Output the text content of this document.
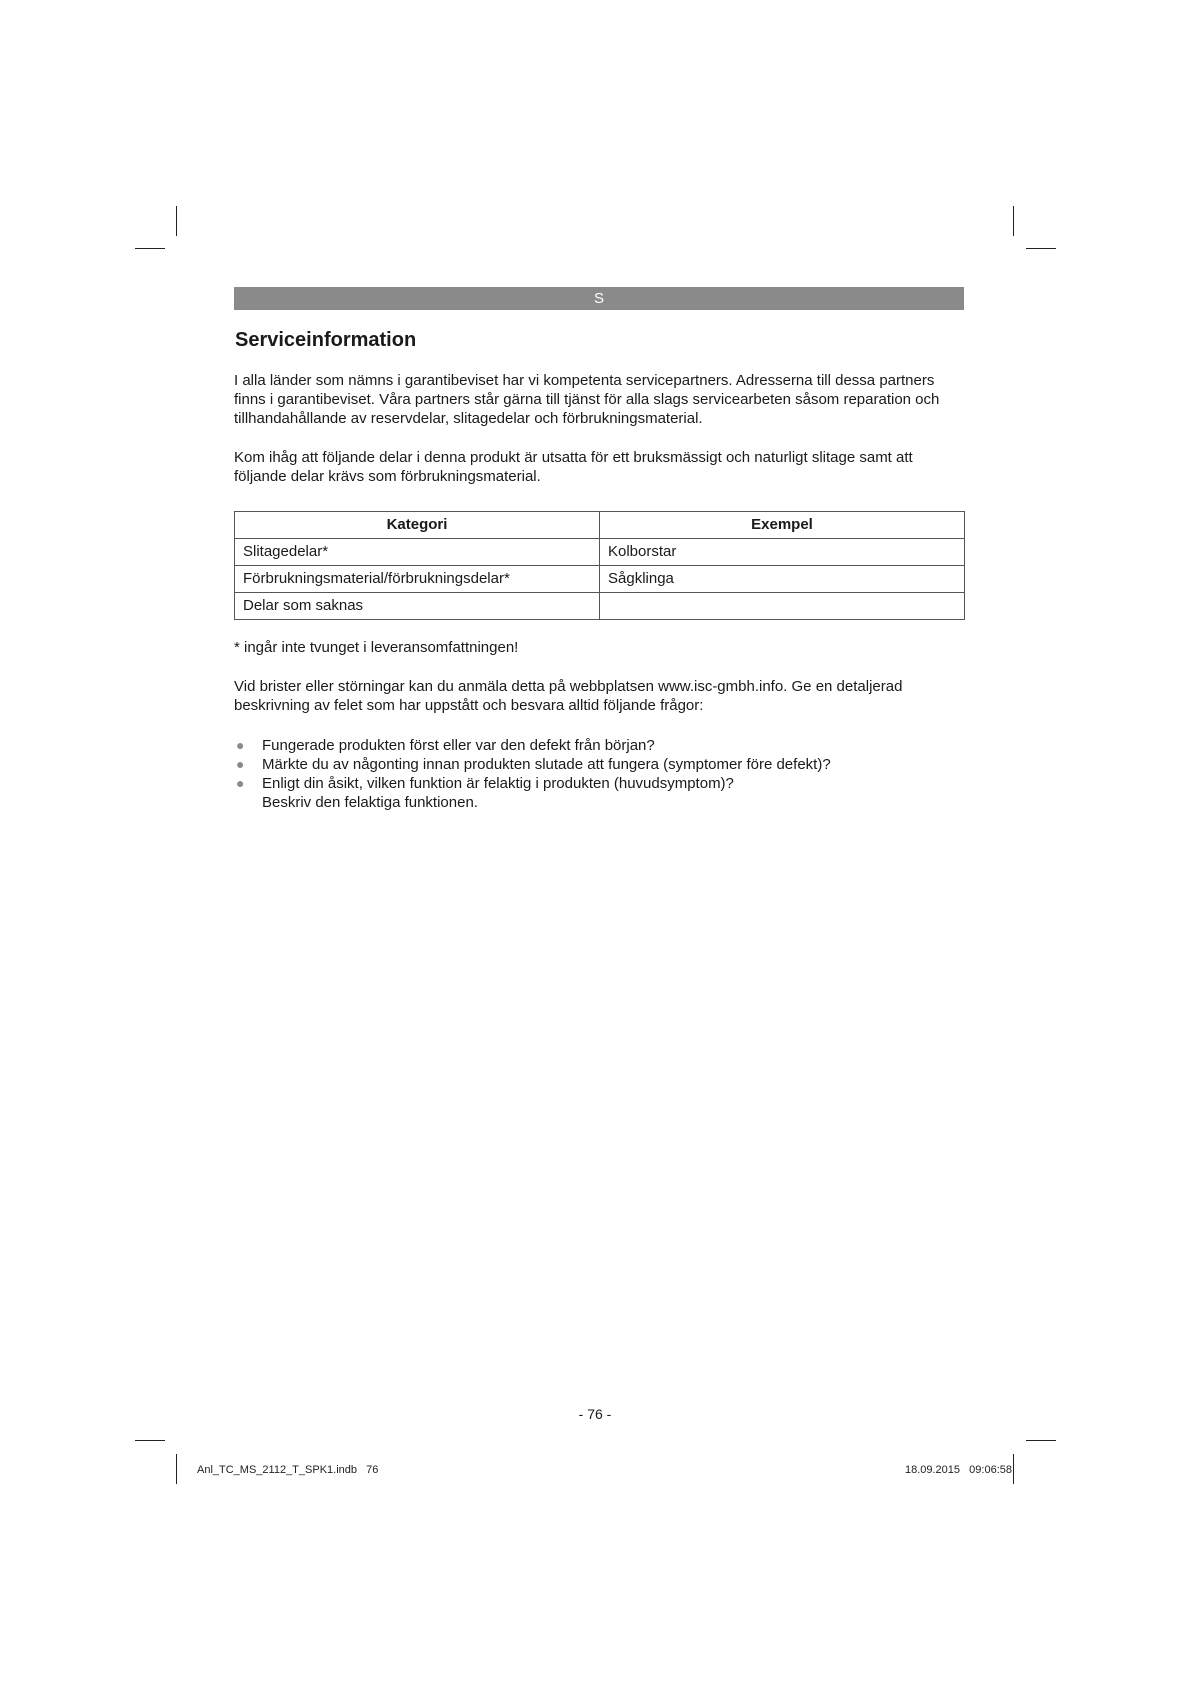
S
Serviceinformation

I alla länder som nämns i garantibeviset har vi kompetenta servicepartners. Adresserna till dessa partners finns i garantibeviset. Våra partners står gärna till tjänst för alla slags servicearbeten såsom reparation och tillhandahållande av reservdelar, slitagedelar och förbrukningsmaterial.

Kom ihåg att följande delar i denna produkt är utsatta för ett bruksmässigt och naturligt slitage samt att följande delar krävs som förbrukningsmaterial.

Kategori	Exempel
Slitagedelar*	Kolborstar
Förbrukningsmaterial/förbrukningsdelar*	Sågklinga
Delar som saknas	

* ingår inte tvunget i leveransomfattningen!

Vid brister eller störningar kan du anmäla detta på webbplatsen www.isc-gmbh.info. Ge en detaljerad beskrivning av felet som har uppstått och besvara alltid följande frågor:

● Fungerade produkten först eller var den defekt från början?
● Märkte du av någonting innan produkten slutade att fungera (symptomer före defekt)?
● Enligt din åsikt, vilken funktion är felaktig i produkten (huvudsymptom)?
Beskriv den felaktiga funktionen.
- 76 -
Anl_TC_MS_2112_T_SPK1.indb   76	18.09.2015   09:06:58
